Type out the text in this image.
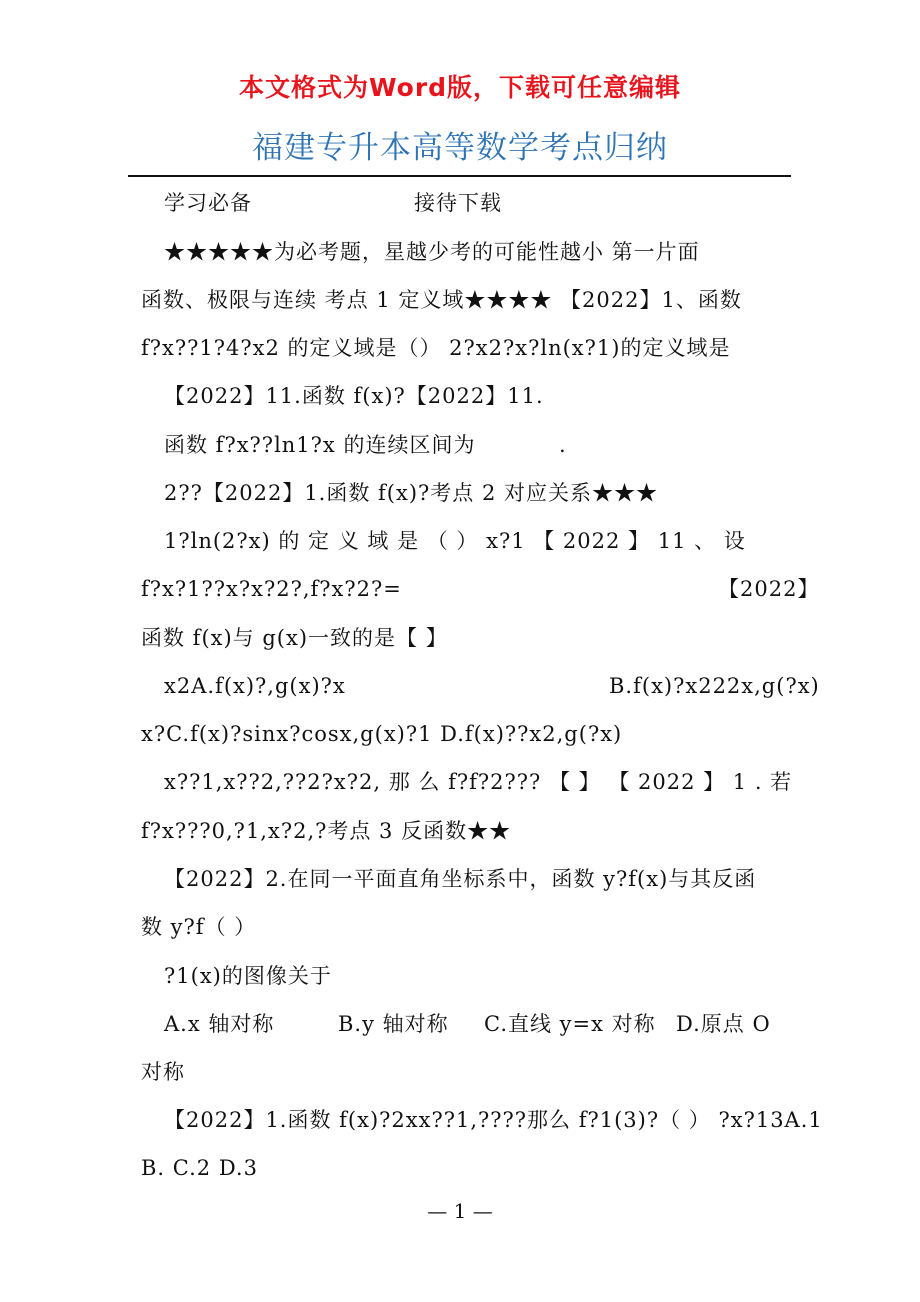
本文格式为Word版，下载可任意编辑
福建专升本高等数学考点归纳
学习必备	接待下载
★★★★★为必考题，星越少考的可能性越小 第一片面
函数、极限与连续 考点 1 定义域★★★★ 【2022】1、函数
f?x??1?4?x2 的定义域是（） 2?x2?x?ln(x?1)的定义域是
【2022】11.函数 f(x)?【2022】11.
函数 f?x??ln1?x 的连续区间为	.
2??【2022】1.函数 f(x)?考点 2 对应关系★★★
1?ln(2?x) 的 定 义 域 是 （ ） x?1 【 2022 】 11 、 设
f?x?1??x?x?2?,f?x?2?=	【2022】
函数 f(x)与 g(x)一致的是【 】
x2A.f(x)?,g(x)?x	B.f(x)?x222x,g(?x)
x?C.f(x)?sinx?cosx,g(x)?1 D.f(x)??x2,g(?x)
x??1,x??2,??2?x?2, 那 么 f?f?2??? 【 】 【 2022 】 1 . 若
f?x???0,?1,x?2,?考点 3 反函数★★
【2022】2.在同一平面直角坐标系中，函数 y?f(x)与其反函
数 y?f（ ）
?1(x)的图像关于
A.x 轴对称	B.y 轴对称 C.直线 y=x 对称 D.原点 O
对称
【2022】1.函数 f(x)?2xx??1,????那么 f?1(3)?（ ） ?x?13A.1
B. C.2 D.3
— 1 —
